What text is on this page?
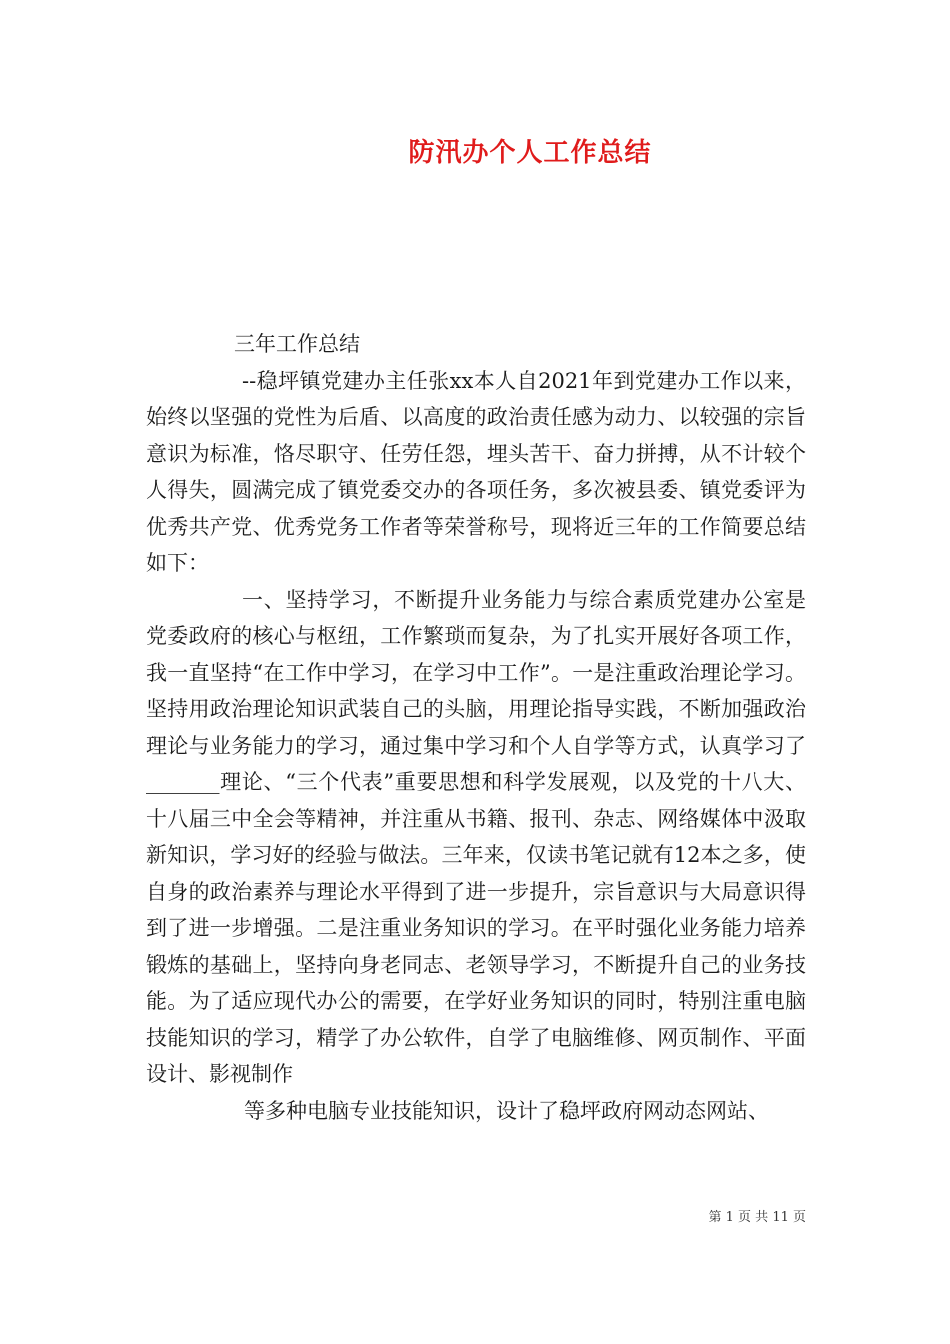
防汛办个人工作总结

三年工作总结

--稳坪镇党建办主任张xx本人自2021年到党建办工作以来，始终以坚强的党性为后盾、以高度的政治责任感为动力、以较强的宗旨意识为标准，恪尽职守、任劳任怨，埋头苦干、奋力拼搏，从不计较个人得失，圆满完成了镇党委交办的各项任务，多次被县委、镇党委评为优秀共产党、优秀党务工作者等荣誉称号，现将近三年的工作简要总结如下：

一、坚持学习，不断提升业务能力与综合素质党建办公室是党委政府的核心与枢纽，工作繁琐而复杂，为了扎实开展好各项工作，我一直坚持“在工作中学习，在学习中工作”。一是注重政治理论学习。坚持用政治理论知识武装自己的头脑，用理论指导实践，不断加强政治理论与业务能力的学习，通过集中学习和个人自学等方式，认真学习了_______理论、“三个代表”重要思想和科学发展观，以及党的十八大、十八届三中全会等精神，并注重从书籍、报刊、杂志、网络媒体中汲取新知识，学习好的经验与做法。三年来，仅读书笔记就有12本之多，使自身的政治素养与理论水平得到了进一步提升，宗旨意识与大局意识得到了进一步增强。二是注重业务知识的学习。在平时强化业务能力培养锻炼的基础上，坚持向身老同志、老领导学习，不断提升自己的业务技能。为了适应现代办公的需要，在学好业务知识的同时，特别注重电脑技能知识的学习，精学了办公软件，自学了电脑维修、网页制作、平面设计、影视制作

等多种电脑专业技能知识，设计了稳坪政府网动态网站、

第 1 页 共 11 页
